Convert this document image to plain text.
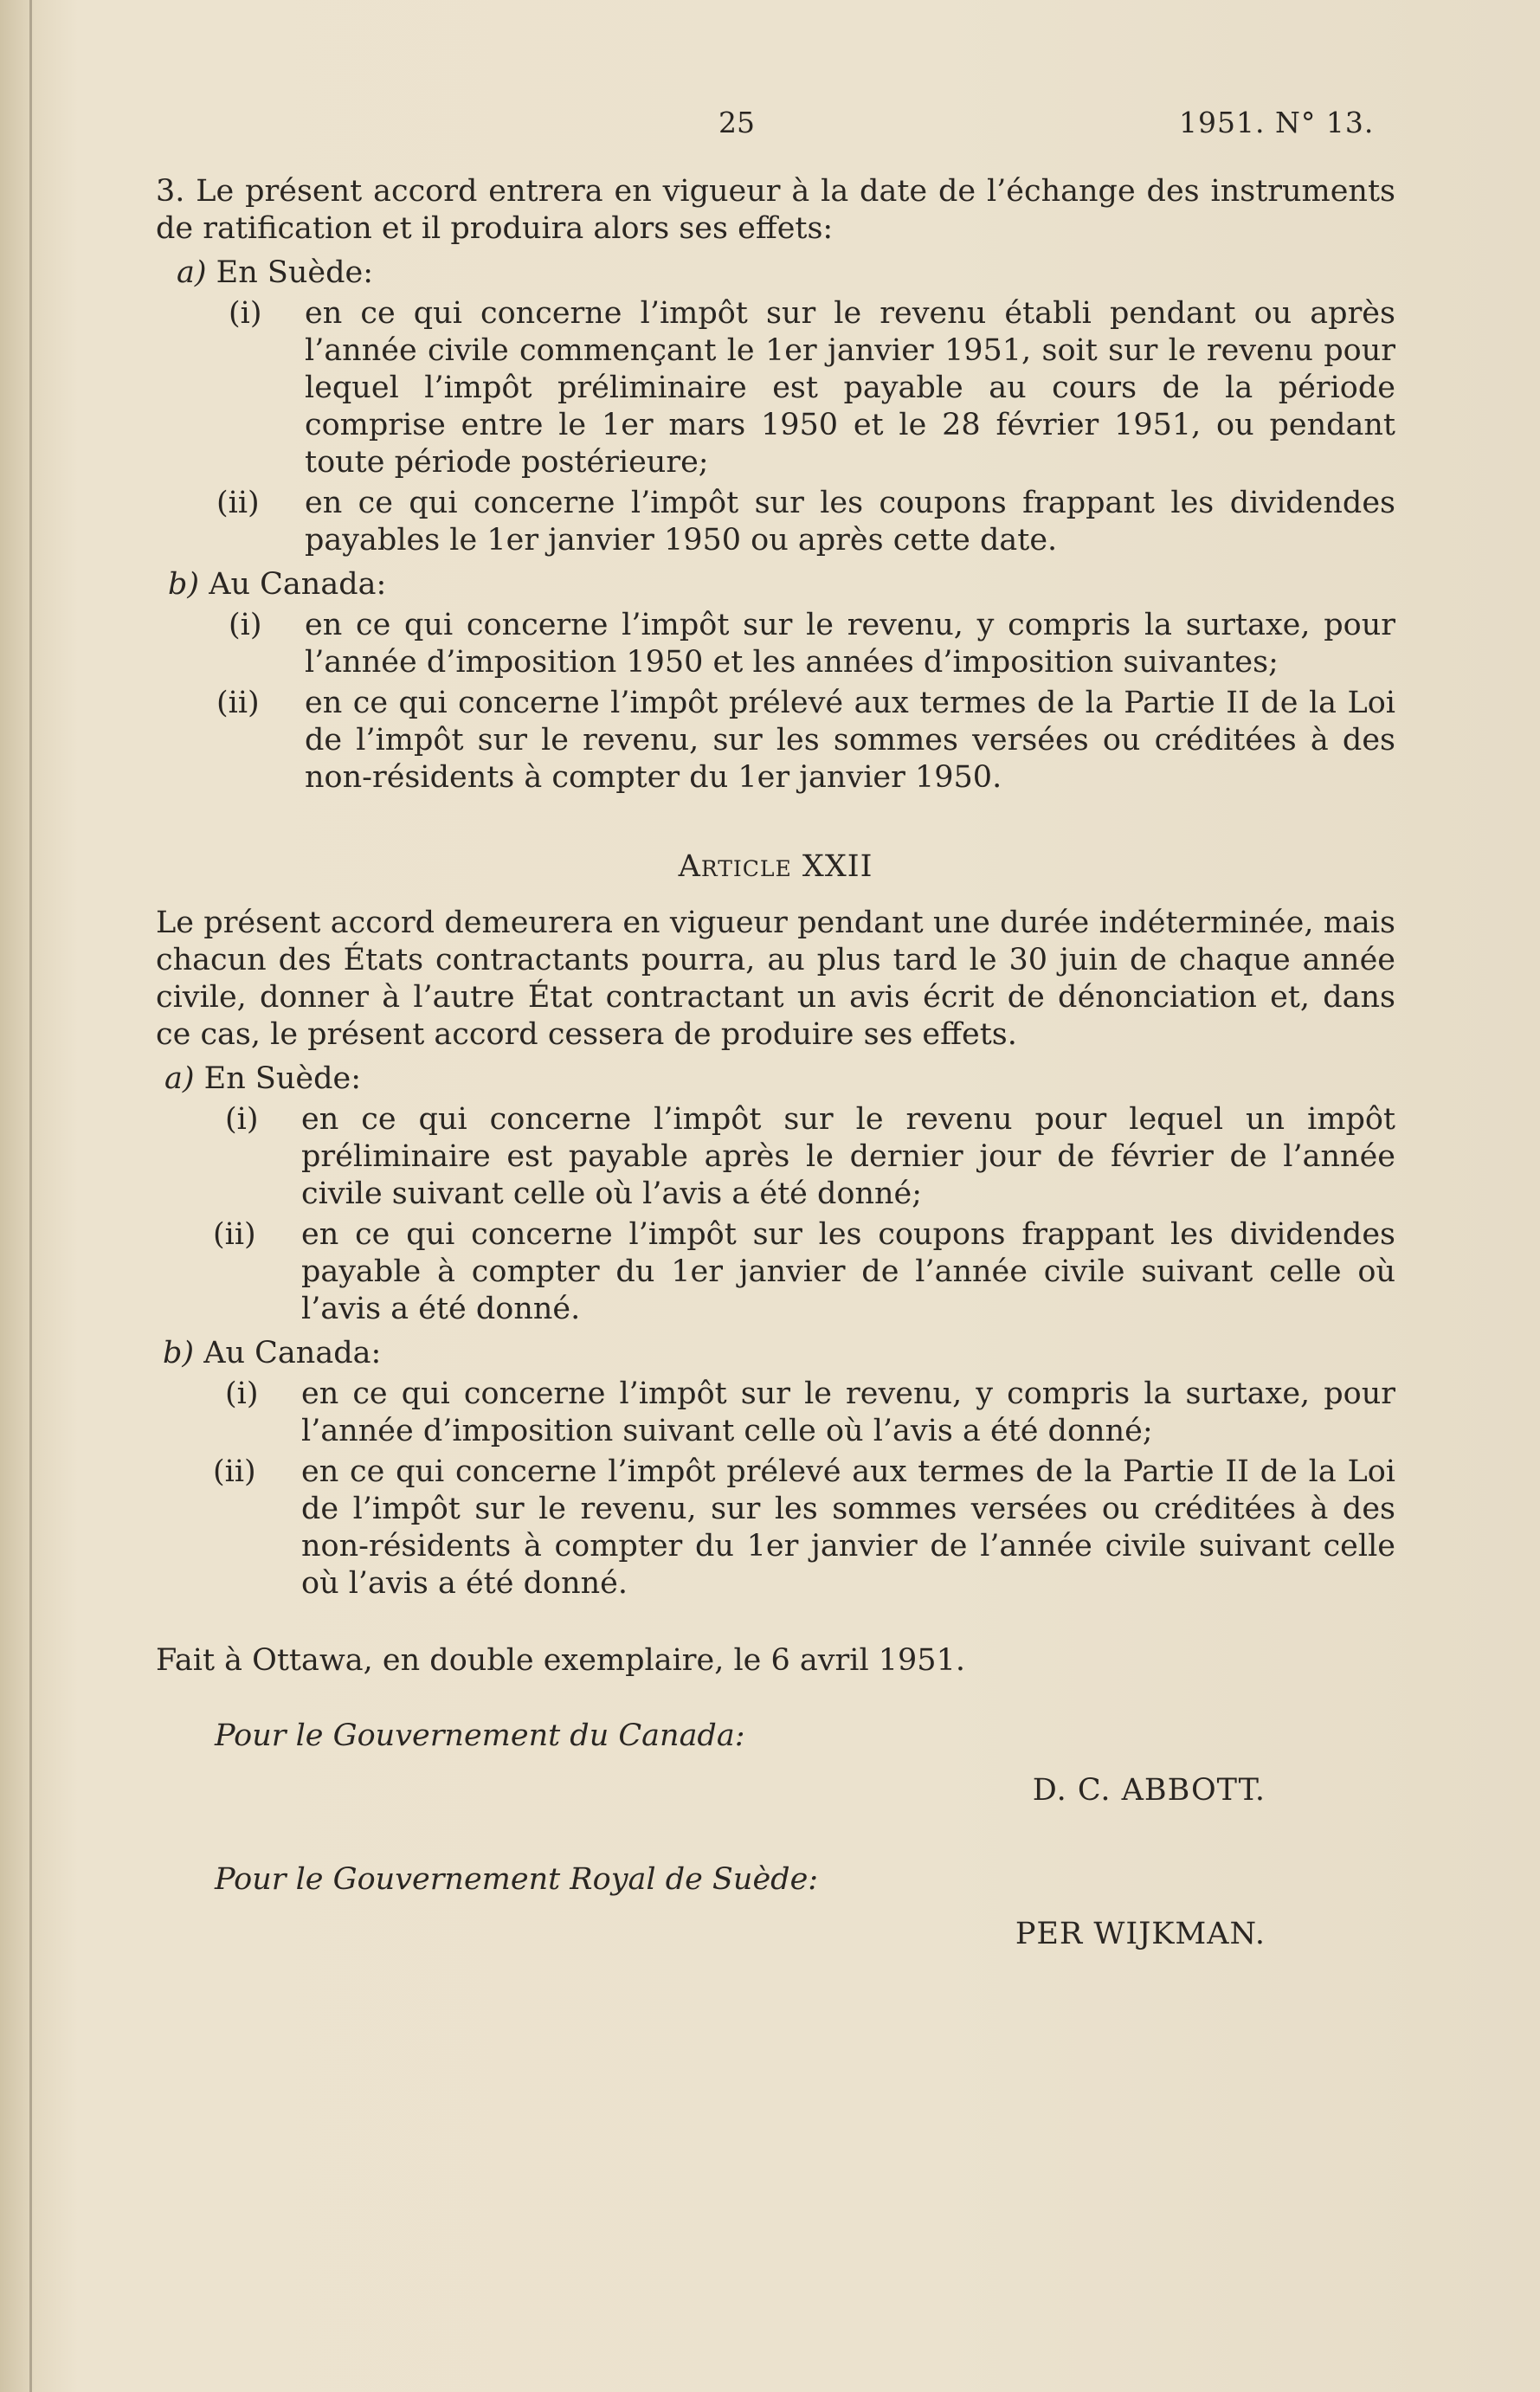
25	1951. N° 13.

3. Le présent accord entrera en vigueur à la date de l’échange des instruments de ratification et il produira alors ses effets:

a) En Suède:
(i) en ce qui concerne l’impôt sur le revenu établi pendant ou après l’année civile commençant le 1er janvier 1951, soit sur le revenu pour lequel l’impôt préliminaire est payable au cours de la période comprise entre le 1er mars 1950 et le 28 février 1951, ou pendant toute période postérieure;
(ii) en ce qui concerne l’impôt sur les coupons frappant les dividendes payables le 1er janvier 1950 ou après cette date.
b) Au Canada:
(i) en ce qui concerne l’impôt sur le revenu, y compris la surtaxe, pour l’année d’imposition 1950 et les années d’imposition suivantes;
(ii) en ce qui concerne l’impôt prélevé aux termes de la Partie II de la Loi de l’impôt sur le revenu, sur les sommes versées ou créditées à des non-résidents à compter du 1er janvier 1950.
Article XXII

Le présent accord demeurera en vigueur pendant une durée indéterminée, mais chacun des États contractants pourra, au plus tard le 30 juin de chaque année civile, donner à l’autre État contractant un avis écrit de dénonciation et, dans ce cas, le présent accord cessera de produire ses effets.

a) En Suède:
(i) en ce qui concerne l’impôt sur le revenu pour lequel un impôt préliminaire est payable après le dernier jour de février de l’année civile suivant celle où l’avis a été donné;
(ii) en ce qui concerne l’impôt sur les coupons frappant les dividendes payable à compter du 1er janvier de l’année civile suivant celle où l’avis a été donné.
b) Au Canada:
(i) en ce qui concerne l’impôt sur le revenu, y compris la surtaxe, pour l’année d’imposition suivant celle où l’avis a été donné;
(ii) en ce qui concerne l’impôt prélevé aux termes de la Partie II de la Loi de l’impôt sur le revenu, sur les sommes versées ou créditées à des non-résidents à compter du 1er janvier de l’année civile suivant celle où l’avis a été donné.

Fait à Ottawa, en double exemplaire, le 6 avril 1951.

Pour le Gouvernement du Canada:
D. C. ABBOTT.
Pour le Gouvernement Royal de Suède:
PER WIJKMAN.
